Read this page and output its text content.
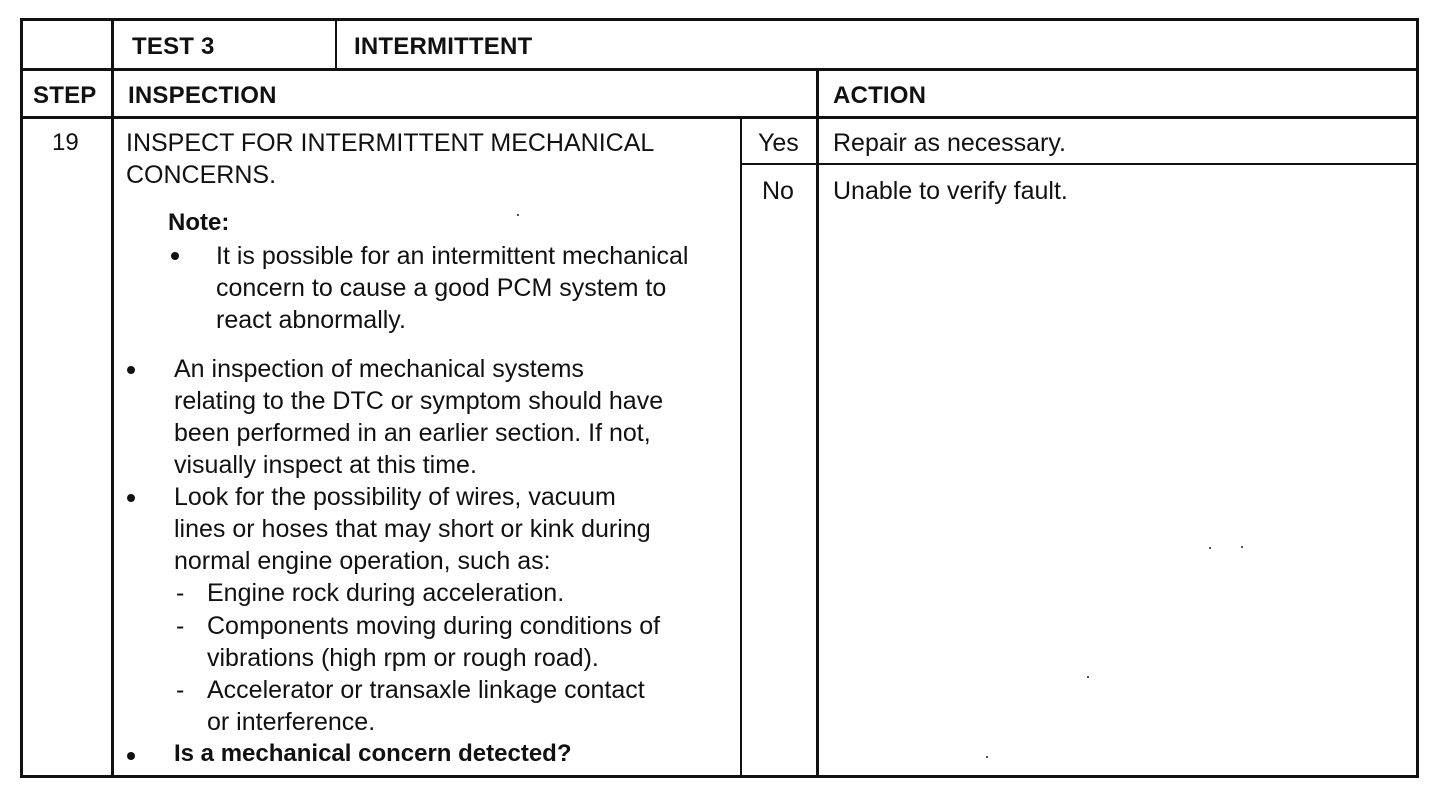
TEST 3	INTERMITTENT
STEP INSPECTION	ACTION
19 INSPECT FOR INTERMITTENT MECHANICAL
CONCERNS.
Note:
It is possible for an intermittent mechanical
concern to cause a good PCM system to
react abnormally.
An inspection of mechanical systems
relating to the DTC or symptom should have
been performed in an earlier section. If not,
visually inspect at this time.
Look for the possibility of wires, vacuum
lines or hoses that may short or kink during
normal engine operation, such as:
- Engine rock during acceleration.
- Components moving during conditions of
vibrations (high rpm or rough road).
- Accelerator or transaxle linkage contact
or interference.
Is a mechanical concern detected?
Yes Repair as necessary.
No Unable to verify fault.
